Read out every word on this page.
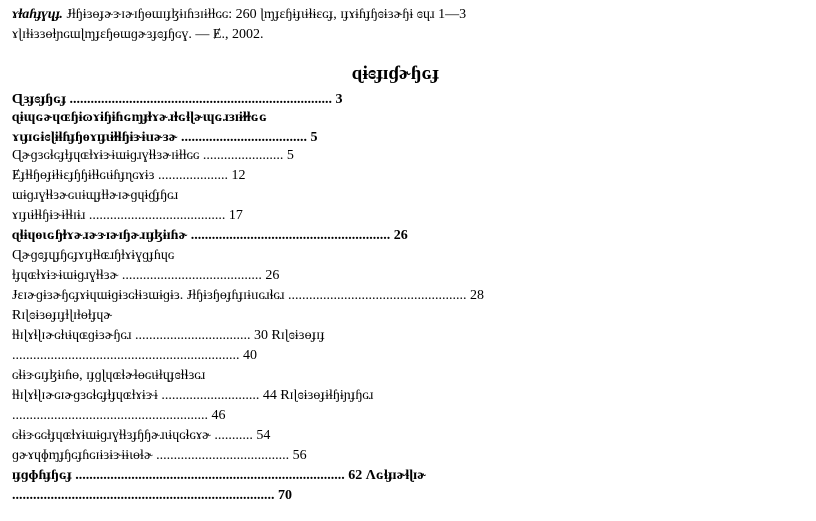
ɤɫɑɦɟɣɥɟ. Ɉɫɧɨɜɵɟɚɝɪɚɪɧɵɯɪɟɮɨɪɦɜɪɨɫɫɢɢ: 260 ɭɱɟɛɧɨɟɩɨɫɨɛɢɟ, ɪɟɤɨɦɟɧɞɨɜɚɧɨ ɞɥɹ 1—3
ɤɭɪɫɨɜɜɵɫɲɢɯɭɱɟɛɧɵɯɡɚɜɟɞɟɧɢɣ. — Ɇ., 2002.
ɋɨɞɟɪɠɚɧɢɟ
Ɋɜɟɞɟɧɢɟ ........................................................................... 3
ɋɨɰɢɚɥɶɧɨɷɤɨɧɨɦɢɱɟɫɤɚɹɫɢɬɭɚɰɢɹɜɪɨɫɫɢɢ
ɤɩɟɪɢɨɞɭɨɬɦɟɧɵɤɪɟɩɨɫɬɧɨɝɨɩɪɚɜɚ .................................... 5
Ɋɚɡɜɢɬɢɟɫɟɥɶɫɤɨɝɨɯɨɡɹɣɫɬɜɚɪɨɫɫɢɢ ....................... 5
Ɇɟɫɬɧɵɟɨɫɨɛɟɧɧɨɫɬɢɩɨɦɟɳɢɤɨɜ .................... 12
ɯɨɡɹɣɫɬɜɚɢɩɪɨɰɟɫɫɚɪɚɡɥɨɠɟɧɢɹ
ɤɪɟɩɨɫɬɧɨɝɨɫɬɪɨɹ ....................................... 17
ɋɬɨɥɵɩɢɧɫɤɚɹɚɝɪɚɪɧɚɹɪɟɮɨɪɦɚ ......................................................... 26
Ɋɚɡɞɟɥɟɧɢɟɤɪɟɫɬɶɹɧɫɤɨɣɡɟɦɥɢ
ɫɟɥɶɫɤɨɝɨɯɨɡɹɣɫɬɜɚ ........................................ 26
Ɉɛɪɚɡɨɜɚɧɢɟɤɨɥɯɨɡɨɜɢɫɨɜɯɨɡɨɜ. Ɉɫɧɨɜɧɵɟɦɟɪɨɩɪɢɹɬɢɹ ................................................... 28
Ɍɪɭɞɨɜɵɟɪɟɫɭɪɫɵɫɟɥɚ
ɫɬɪɭɤɬɭɪɚɢɫɩɨɥɶɡɨɜɚɧɢɹ ................................. 30 Ɍɪɭɞɨɜɵɟɪɟ
................................................................. 40
ɢɬɨɝɢɪɟɮɨɪɦɵ, ɪɟɡɭɥɶɬɚɬɵɢɩɨɫɥɟɞɫɬɜɢɹ
ɫɬɪɭɤɬɭɪɚɢɪɚɡɜɢɬɢɟɫɟɥɶɫɤɨɝɨ ............................ 44 Ɍɪɭɞɨɜɵɟɨɬɧɨɲɟɧɢɹ
........................................................ 46
ɢɬɨɝɢɢɫɟɥɶɫɤɨɯɨɡɹɣɫɬɜɟɧɧɚɹɩɨɥɢɬɢɤɚ ........... 54
ɡɚɤɥɸɱɟɧɢɟɦɢɪɨɜɨɝɨɨɩɵɬɚ ...................................... 56
ɪɟɡɸɦɟɧɢɟ ............................................................................. 62 Ʌɢɬɟɪɚɬɭɪɚ
........................................................................... 70
